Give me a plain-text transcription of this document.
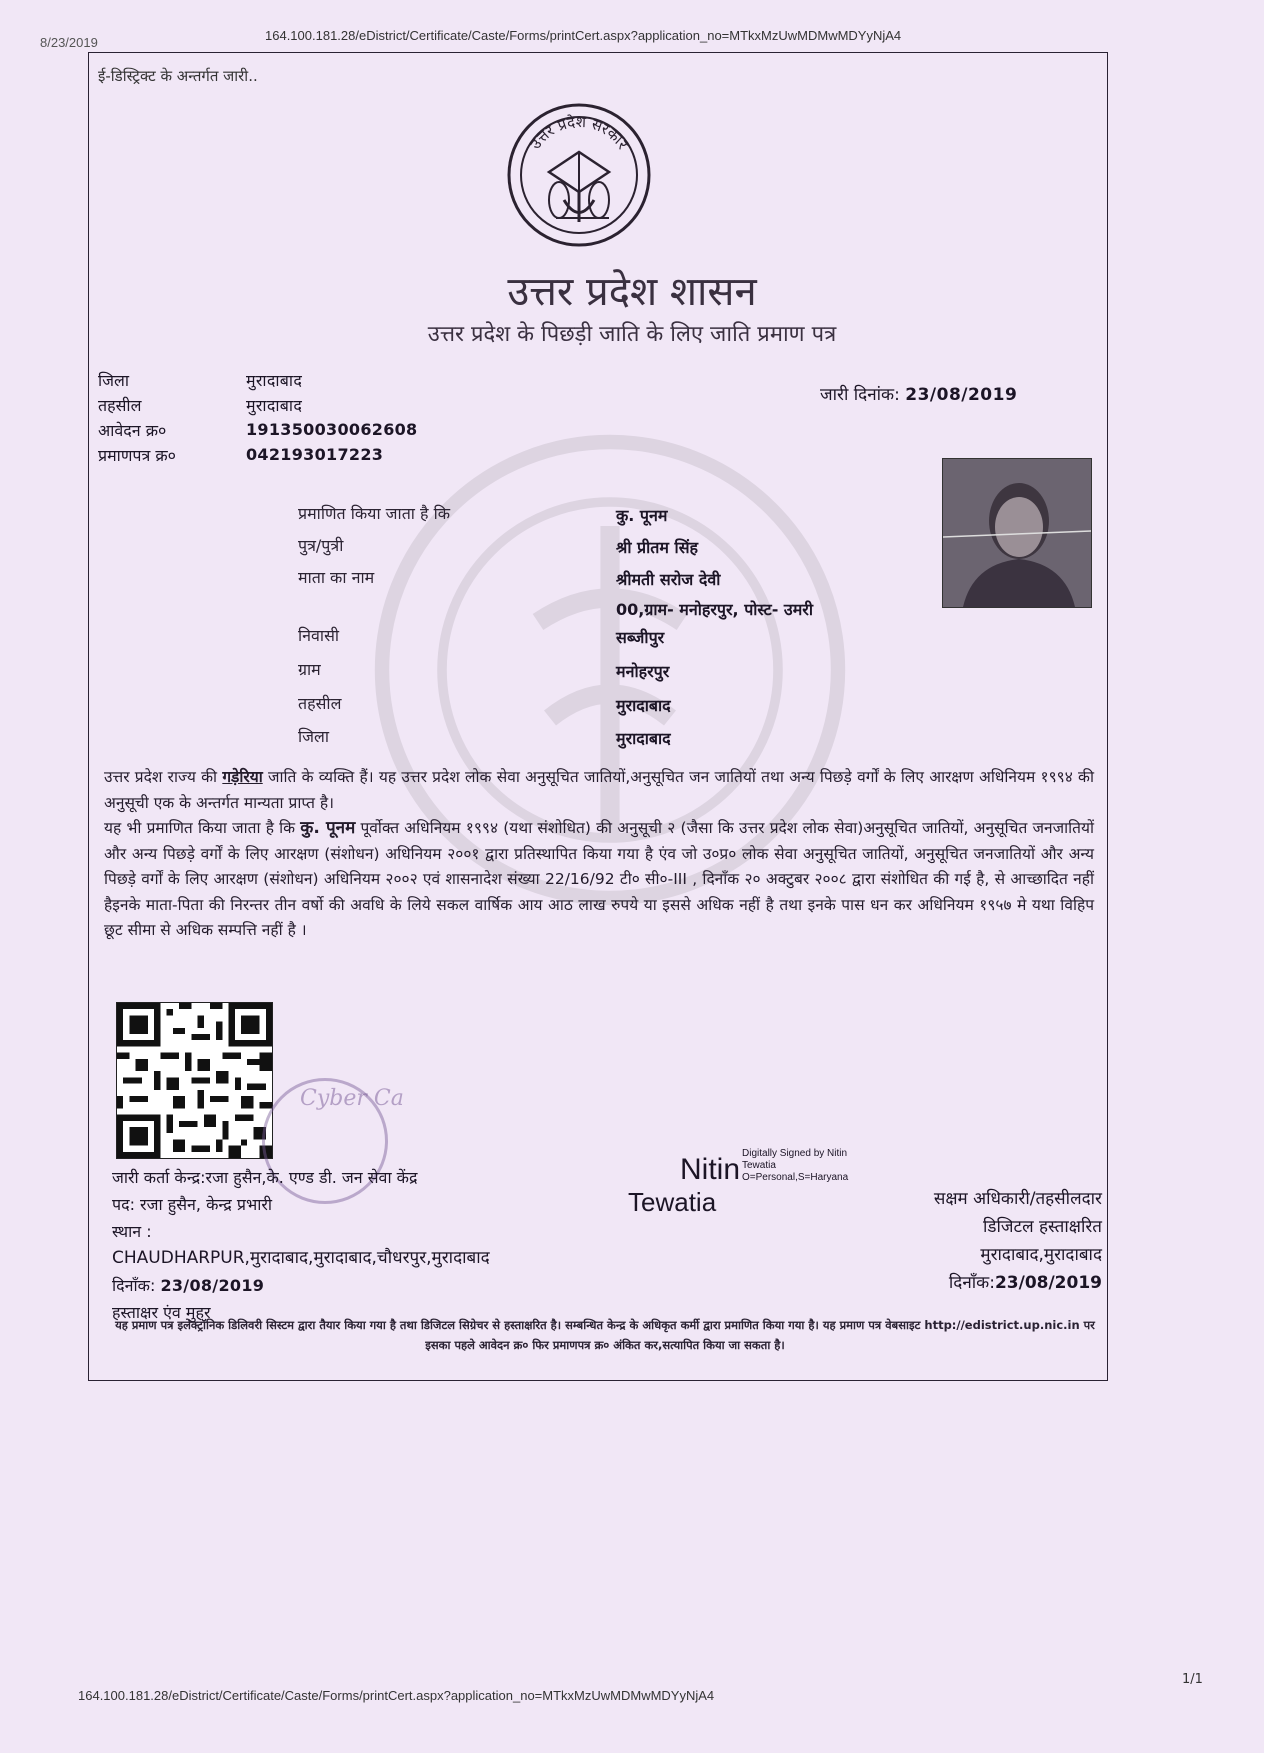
8/23/2019	164.100.181.28/eDistrict/Certificate/Caste/Forms/printCert.aspx?application_no=MTkxMzUwMDMwMDYyNjA4
ई-डिस्ट्रिक्ट के अन्तर्गत जारी..
उत्तर प्रदेश सरकार
उत्तर प्रदेश शासन
उत्तर प्रदेश के पिछड़ी जाति के लिए जाति प्रमाण पत्र
जिला	मुरादाबाद
तहसील	मुरादाबाद
आवेदन क्र०	191350030062608
प्रमाणपत्र क्र०	042193017223
जारी दिनांक: 23/08/2019
प्रमाणित किया जाता है कि	कु. पूनम
पुत्र/पुत्री	श्री प्रीतम सिंह
माता का नाम	श्रीमती सरोज देवी
00,ग्राम- मनोहरपुर, पोस्ट- उमरी
निवासी	सब्जीपुर
ग्राम	मनोहरपुर
तहसील	मुरादाबाद
जिला	मुरादाबाद

उत्तर प्रदेश राज्य की गड़ेरिया जाति के व्यक्ति हैं। यह उत्तर प्रदेश लोक सेवा अनुसूचित जातियों,अनुसूचित जन जातियों तथा अन्य पिछड़े वर्गों के लिए आरक्षण अधिनियम १९९४ की अनुसूची एक के अन्तर्गत मान्यता प्राप्त है।

यह भी प्रमाणित किया जाता है कि कु. पूनम पूर्वोक्त अधिनियम १९९४ (यथा संशोधित) की अनुसूची २ (जैसा कि उत्तर प्रदेश लोक सेवा)अनुसूचित जातियों, अनुसूचित जनजातियों और अन्य पिछड़े वर्गों के लिए आरक्षण (संशोधन) अधिनियम २००१ द्वारा प्रतिस्थापित किया गया है एंव जो उ०प्र० लोक सेवा अनुसूचित जातियों, अनुसूचित जनजातियों और अन्य पिछड़े वर्गों के लिए आरक्षण (संशोधन) अधिनियम २००२ एवं शासनादेश संख्या 22/16/92 टी० सी०-III , दिनाँक २० अक्टुबर २००८ द्वारा संशोधित की गई है, से आच्छादित नहीं हैइनके माता-पिता की निरन्तर तीन वर्षो की अवधि के लिये सकल वार्षिक आय आठ लाख रुपये या इससे अधिक नहीं है तथा इनके पास धन कर अधिनियम १९५७ मे यथा विहिप छूट सीमा से अधिक सम्पत्ति नहीं है ।

Cyber Ca
जारी कर्ता केन्द्र:रजा हुसैन,के. एण्ड डी. जन सेवा केंद्र
पद: रजा हुसैन, केन्द्र प्रभारी
स्थान :
CHAUDHARPUR,मुरादाबाद,मुरादाबाद,चौधरपुर,मुरादाबाद
दिनाँक: 23/08/2019
हस्ताक्षर एंव मुहर
Nitin
Tewatia
Digitally Signed by Nitin
Tewatia
O=Personal,S=Haryana
सक्षम अधिकारी/तहसीलदार
डिजिटल हस्ताक्षरित
मुरादाबाद,मुरादाबाद
दिनाँक:23/08/2019
यह प्रमाण पत्र इलेक्ट्रॉनिक डिलिवरी सिस्टम द्वारा तैयार किया गया है तथा डिजिटल सिग्रेचर से हस्ताक्षरित है। सम्बन्धित केन्द्र के अधिकृत कर्मी द्वारा प्रमाणित किया गया है। यह प्रमाण पत्र वेबसाइट http://edistrict.up.nic.in पर इसका पहले आवेदन क्र० फिर प्रमाणपत्र क्र० अंकित कर,सत्यापित किया जा सकता है।
1/1
164.100.181.28/eDistrict/Certificate/Caste/Forms/printCert.aspx?application_no=MTkxMzUwMDMwMDYyNjA4
